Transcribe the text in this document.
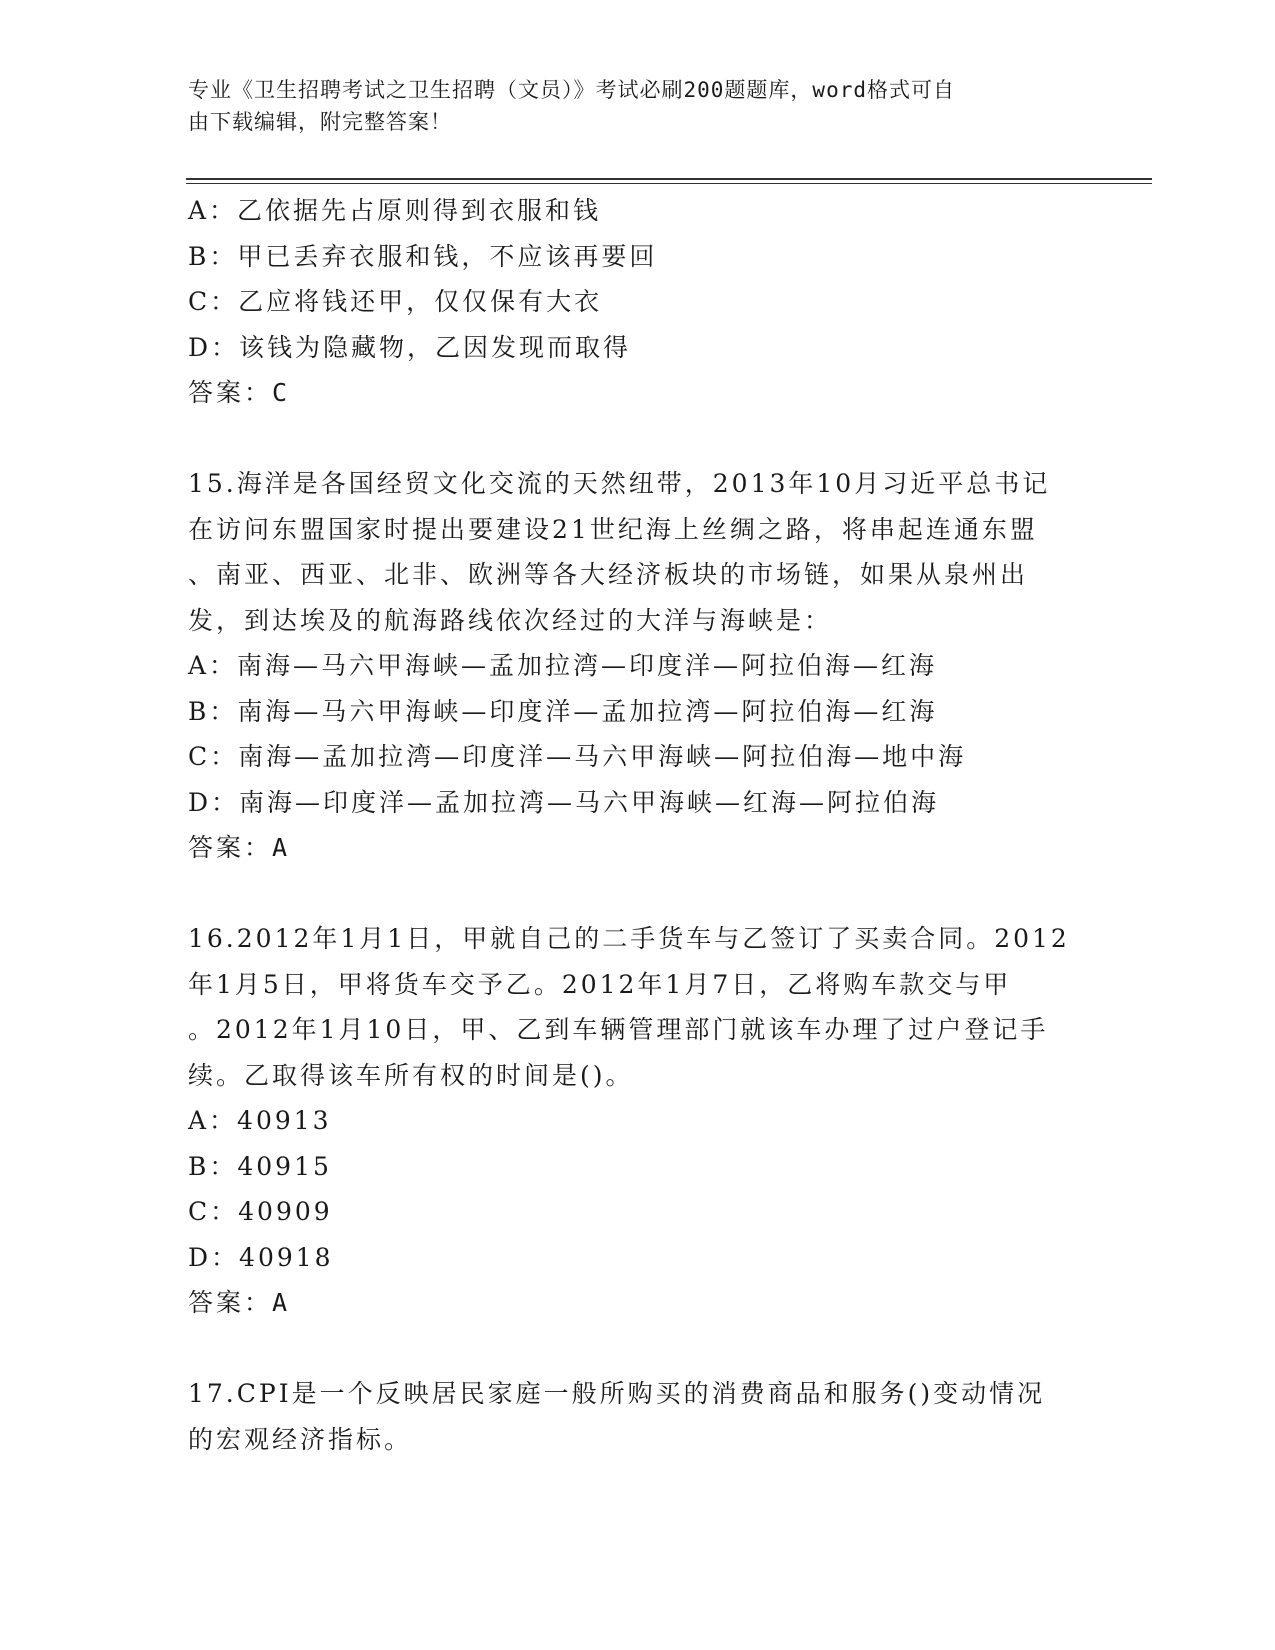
专业《卫生招聘考试之卫生招聘（文员）》考试必刷200题题库，word格式可自
由下载编辑，附完整答案！
A：乙依据先占原则得到衣服和钱
B：甲已丢弃衣服和钱，不应该再要回
C：乙应将钱还甲，仅仅保有大衣
D：该钱为隐藏物，乙因发现而取得
答案：C
15.海洋是各国经贸文化交流的天然纽带，2013年10月习近平总书记
在访问东盟国家时提出要建设21世纪海上丝绸之路，将串起连通东盟
、南亚、西亚、北非、欧洲等各大经济板块的市场链，如果从泉州出
发，到达埃及的航海路线依次经过的大洋与海峡是：
A：南海—马六甲海峡—孟加拉湾—印度洋—阿拉伯海—红海
B：南海—马六甲海峡—印度洋—孟加拉湾—阿拉伯海—红海
C：南海—孟加拉湾—印度洋—马六甲海峡—阿拉伯海—地中海
D：南海—印度洋—孟加拉湾—马六甲海峡—红海—阿拉伯海
答案：A
16.2012年1月1日，甲就自己的二手货车与乙签订了买卖合同。2012
年1月5日，甲将货车交予乙。2012年1月7日，乙将购车款交与甲
。2012年1月10日，甲、乙到车辆管理部门就该车办理了过户登记手
续。乙取得该车所有权的时间是()。
A：40913
B：40915
C：40909
D：40918
答案：A
17.CPI是一个反映居民家庭一般所购买的消费商品和服务()变动情况
的宏观经济指标。
